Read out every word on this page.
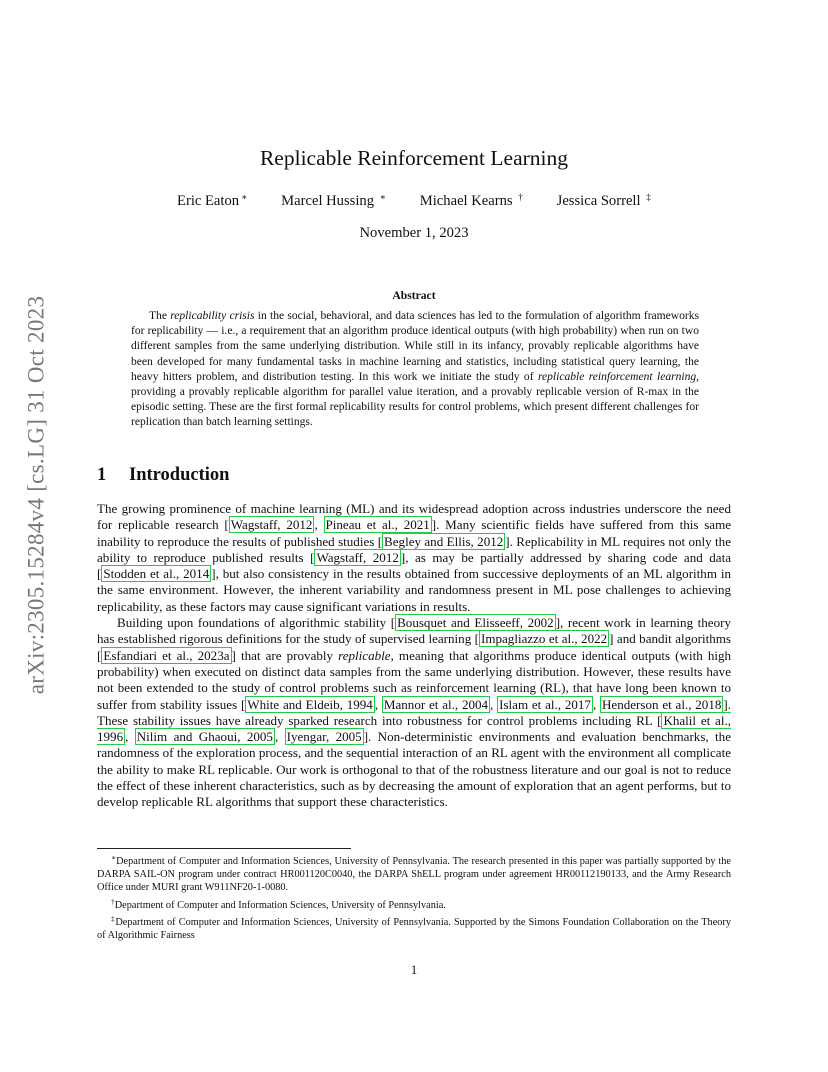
arXiv:2305.15284v4 [cs.LG] 31 Oct 2023
Replicable Reinforcement Learning
Eric Eaton ∗ Marcel Hussing ∗ Michael Kearns † Jessica Sorrell ‡
November 1, 2023
Abstract
The replicability crisis in the social, behavioral, and data sciences has led to the formulation of algorithm frameworks for replicability — i.e., a requirement that an algorithm produce identical outputs (with high probability) when run on two different samples from the same underlying distribution. While still in its infancy, provably replicable algorithms have been developed for many fundamental tasks in machine learning and statistics, including statistical query learning, the heavy hitters problem, and distribution testing. In this work we initiate the study of replicable reinforcement learning, providing a provably replicable algorithm for parallel value iteration, and a provably replicable version of R-max in the episodic setting. These are the first formal replicability results for control problems, which present different challenges for replication than batch learning settings.
1 Introduction

The growing prominence of machine learning (ML) and its widespread adoption across industries underscore the need for replicable research [ Wagstaff, 2012 , Pineau et al., 2021 ]. Many scientific fields have suffered from this same inability to reproduce the results of published studies [ Begley and Ellis, 2012 ]. Replicability in ML requires not only the ability to reproduce published results [ Wagstaff, 2012 ], as may be partially addressed by sharing code and data [ Stodden et al., 2014 ], but also consistency in the results obtained from successive deployments of an ML algorithm in the same environment. However, the inherent variability and randomness present in ML pose challenges to achieving replicability, as these factors may cause significant variations in results.

Building upon foundations of algorithmic stability [ Bousquet and Elisseeff, 2002 ], recent work in learning theory has established rigorous definitions for the study of supervised learning [ Impagliazzo et al., 2022 ] and bandit algorithms [ Esfandiari et al., 2023a ] that are provably replicable, meaning that algorithms produce identical outputs (with high probability) when executed on distinct data samples from the same underlying distribution. However, these results have not been extended to the study of control problems such as reinforcement learning (RL), that have long been known to suffer from stability issues [ White and Eldeib, 1994 , Mannor et al., 2004 , Islam et al., 2017 , Henderson et al., 2018 ]. These stability issues have already sparked research into robustness for control problems including RL [ Khalil et al., 1996 , Nilim and Ghaoui, 2005 , Iyengar, 2005 ]. Non-deterministic environments and evaluation benchmarks, the randomness of the exploration process, and the sequential interaction of an RL agent with the environment all complicate the ability to make RL replicable. Our work is orthogonal to that of the robustness literature and our goal is not to reduce the effect of these inherent characteristics, such as by decreasing the amount of exploration that an agent performs, but to develop replicable RL algorithms that support these characteristics.

∗Department of Computer and Information Sciences, University of Pennsylvania. The research presented in this paper was partially supported by the DARPA SAIL-ON program under contract HR001120C0040, the DARPA ShELL program under agreement HR00112190133, and the Army Research Office under MURI grant W911NF20-1-0080.
†Department of Computer and Information Sciences, University of Pennsylvania.
‡Department of Computer and Information Sciences, University of Pennsylvania. Supported by the Simons Foundation Collaboration on the Theory of Algorithmic Fairness
1
